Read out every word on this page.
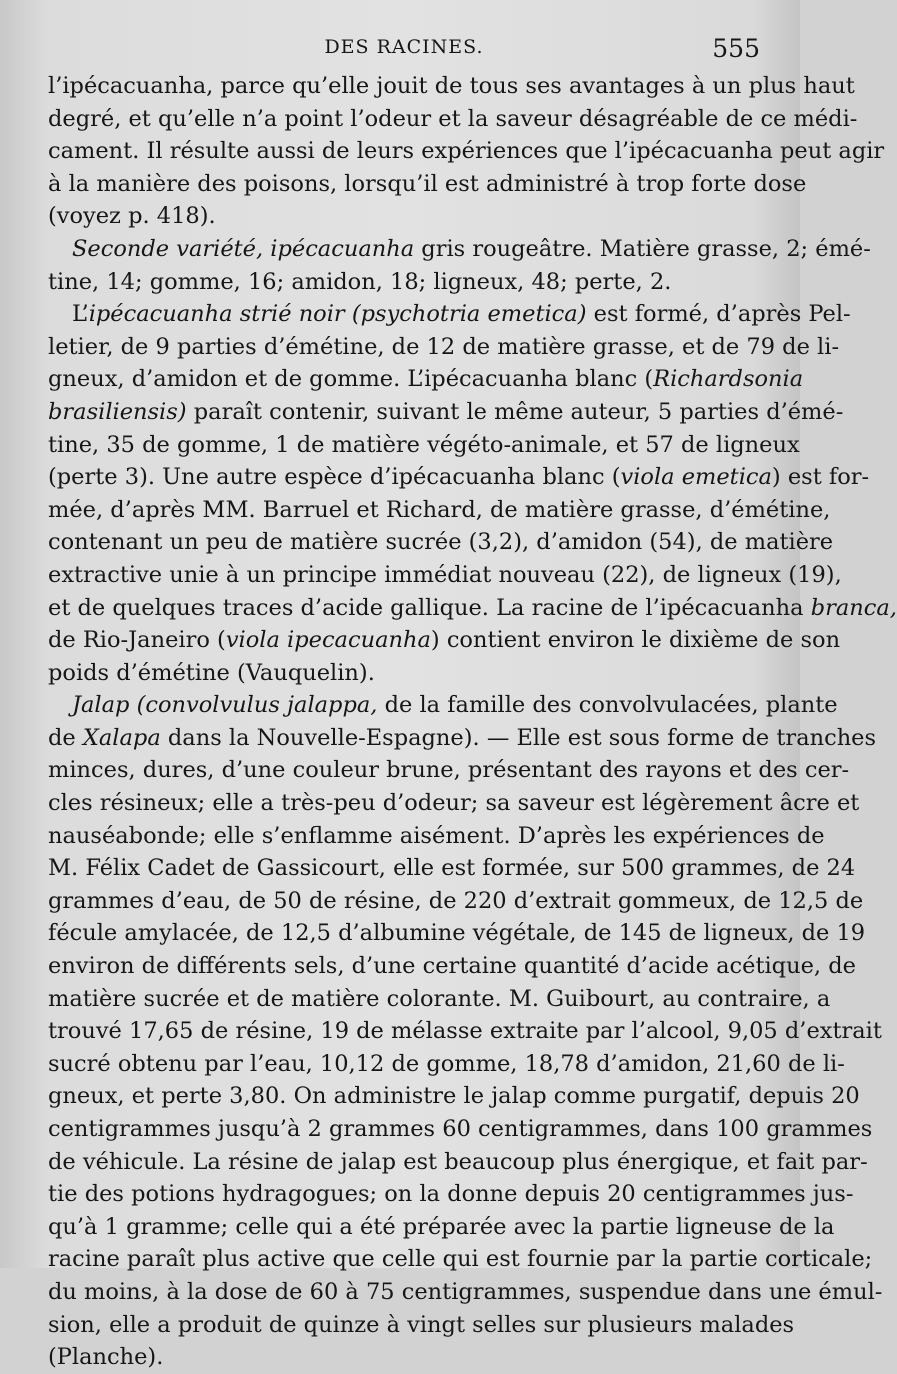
DES RACINES.	555

l’ipécacuanha, parce qu’elle jouit de tous ses avantages à un plus haut
degré, et qu’elle n’a point l’odeur et la saveur désagréable de ce médi-
cament. Il résulte aussi de leurs expériences que l’ipécacuanha peut agir
à la manière des poisons, lorsqu’il est administré à trop forte dose
(voyez p. 418).

Seconde variété, ipécacuanha gris rougeâtre. Matière grasse, 2; émé-
tine, 14; gomme, 16; amidon, 18; ligneux, 48; perte, 2.

L’ipécacuanha strié noir (psychotria emetica) est formé, d’après Pel-
letier, de 9 parties d’émétine, de 12 de matière grasse, et de 79 de li-
gneux, d’amidon et de gomme. L’ipécacuanha blanc (Richardsonia
brasiliensis) paraît contenir, suivant le même auteur, 5 parties d’émé-
tine, 35 de gomme, 1 de matière végéto-animale, et 57 de ligneux
(perte 3). Une autre espèce d’ipécacuanha blanc (viola emetica) est for-
mée, d’après MM. Barruel et Richard, de matière grasse, d’émétine,
contenant un peu de matière sucrée (3,2), d’amidon (54), de matière
extractive unie à un principe immédiat nouveau (22), de ligneux (19),
et de quelques traces d’acide gallique. La racine de l’ipécacuanha branca,
de Rio-Janeiro (viola ipecacuanha) contient environ le dixième de son
poids d’émétine (Vauquelin).

Jalap (convolvulus jalappa, de la famille des convolvulacées, plante
de Xalapa dans la Nouvelle-Espagne). — Elle est sous forme de tranches
minces, dures, d’une couleur brune, présentant des rayons et des cer-
cles résineux; elle a très-peu d’odeur; sa saveur est légèrement âcre et
nauséabonde; elle s’enflamme aisément. D’après les expériences de
M. Félix Cadet de Gassicourt, elle est formée, sur 500 grammes, de 24
grammes d’eau, de 50 de résine, de 220 d’extrait gommeux, de 12,5 de
fécule amylacée, de 12,5 d’albumine végétale, de 145 de ligneux, de 19
environ de différents sels, d’une certaine quantité d’acide acétique, de
matière sucrée et de matière colorante. M. Guibourt, au contraire, a
trouvé 17,65 de résine, 19 de mélasse extraite par l’alcool, 9,05 d’extrait
sucré obtenu par l’eau, 10,12 de gomme, 18,78 d’amidon, 21,60 de li-
gneux, et perte 3,80. On administre le jalap comme purgatif, depuis 20
centigrammes jusqu’à 2 grammes 60 centigrammes, dans 100 grammes
de véhicule. La résine de jalap est beaucoup plus énergique, et fait par-
tie des potions hydragogues; on la donne depuis 20 centigrammes jus-
qu’à 1 gramme; celle qui a été préparée avec la partie ligneuse de la
racine paraît plus active que celle qui est fournie par la partie corticale;
du moins, à la dose de 60 à 75 centigrammes, suspendue dans une émul-
sion, elle a produit de quinze à vingt selles sur plusieurs malades
(Planche).
